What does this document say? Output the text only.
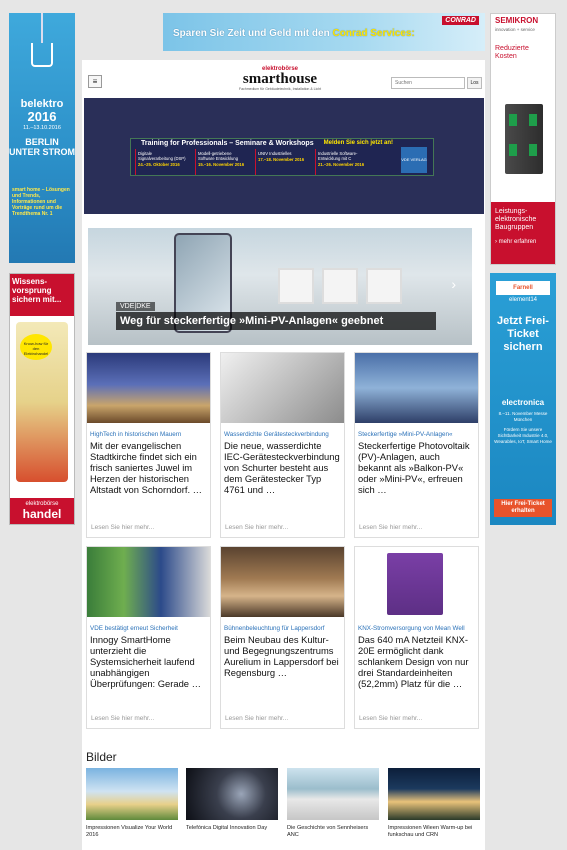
belektro
2016
11.–13.10.2016
BERLIN UNTER STROM
smart home – Lösungen und Trends, Informationen und Vorträge rund um die Trendthema Nr. 1
Wissens-vorsprung sichern mit...
Know-how für den Elektrohandel
elektrobörse
handel
Sparen Sie Zeit und Geld mit den Conrad Services:
CONRAD	SEMIKRON
innovation + service
Reduzierte Kosten
Leistungs-elektronische Baugruppen
› mehr erfahren
Farnell
element14
Jetzt Frei-Ticket sichern
electronica
8.–11. November Messe München
Fördern Sie unsere Sichtbarkeit Industrie 4.0, Wearables, IoT, Smart Home
Hier Frei-Ticket erhalten
≡
elektrobörse
smarthouse
Fachmedium für Gebäudetechnik, Installation & Licht
Suchen
Los
Training for Professionals – Seminare & Workshops Melden Sie sich jetzt an!
Digitale Signalverarbeitung (DSP)
24.–25. Oktober 2016
Modell-getriebene Software Entwicklung
15.–16. November 2016
UNIV Industrielles
17.–18. November 2016
Industrielle Software-Entwicklung mit C
21.–26. November 2016
VDE VERLAG
VDE|DKE
Weg für steckerfertige »Mini-PV-Anlagen« geebnet
›
HighTech in historischen Mauern
Mit der evangelischen Stadtkirche findet sich ein frisch saniertes Juwel im Herzen der historischen Altstadt von Schorndorf. …
Lesen Sie hier mehr...
Wasserdichte Gerätesteckverbindung
Die neue, wasserdichte IEC-Gerätesteckverbindung von Schurter besteht aus dem Gerätestecker Typ 4761 und …
Lesen Sie hier mehr...
Steckerfertige »Mini-PV-Anlagen«
Steckerfertige Photovoltaik (PV)-Anlagen, auch bekannt als »Balkon-PV« oder »Mini-PV«, erfreuen sich …
Lesen Sie hier mehr...
VDE bestätigt erneut Sicherheit
Innogy SmartHome unterzieht die Systemsicherheit laufend unabhängigen Überprüfungen: Gerade …
Lesen Sie hier mehr...
Bühnenbeleuchtung für Lappersdorf
Beim Neubau des Kultur- und Begegnungszentrums Aurelium in Lappersdorf bei Regensburg …
Lesen Sie hier mehr...
KNX-Stromversorgung von Mean Well
Das 640 mA Netzteil KNX-20E ermöglicht dank schlankem Design von nur drei Standardeinheiten (52,2mm) Platz für die …
Lesen Sie hier mehr...
Bilder
Impressionen Visualize Your World 2016
Telefónica Digital Innovation Day	Die Geschichte von Sennheisers ANC
Impressionen Wieen Warm-up bei funkschau und CRN
